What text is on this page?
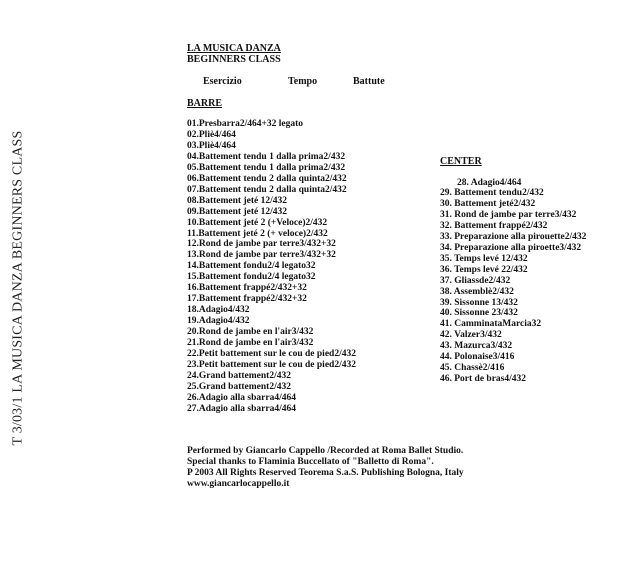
T 3/03/1 LA MUSICA DANZA BEGINNERS CLASS
LA MUSICA DANZA
BEGINNERS CLASS
Esercizio	Tempo	Battute
BARRE
01.Presbarra2/464+32 legato
02.Pliè4/464
03.Pliè4/464
04.Battement tendu 1 dalla prima2/432
05.Battement tendu 1 dalla prima2/432
06.Battement tendu 2 dalla quinta2/432
07.Battement tendu 2 dalla quinta2/432
08.Battement jeté 12/432
09.Battement jeté 12/432
10.Battement jeté 2 (+Veloce)2/432
11.Battement jeté 2 (+ veloce)2/432
12.Rond de jambe par terre3/432+32
13.Rond de jambe par terre3/432+32
14.Battement fondu2/4 legato32
15.Battement fondu2/4 legato32
16.Battement frappé2/432+32
17.Battement frappé2/432+32
18.Adagio4/432
19.Adagio4/432
20.Rond de jambe en l'air3/432
21.Rond de jambe en l'air3/432
22.Petit battement sur le cou de pied2/432
23.Petit battement sur le cou de pied2/432
24.Grand battement2/432
25.Grand battement2/432
26.Adagio alla sbarra4/464
27.Adagio alla sbarra4/464
CENTER
28. Adagio4/464
29. Battement tendu2/432
30. Battement jeté2/432
31. Rond de jambe par terre3/432
32. Battement frappé2/432
33. Preparazione alla pirouette2/432
34. Preparazione alla piroette3/432
35. Temps levé 12/432
36. Temps levé 22/432
37. Gliassde2/432
38. Assemblè2/432
39. Sissonne 13/432
40. Sissonne 23/432
41. CamminataMarcia32
42. Valzer3/432
43. Mazurca3/432
44. Polonaise3/416
45. Chassè2/416
46. Port de bras4/432
Performed by Giancarlo Cappello /Recorded at Roma Ballet Studio.
Special thanks to Flaminia Buccellato of "Balletto di Roma".
P 2003 All Rights Reserved Teorema S.a.S. Publishing Bologna, Italy
www.giancarlocappello.it
